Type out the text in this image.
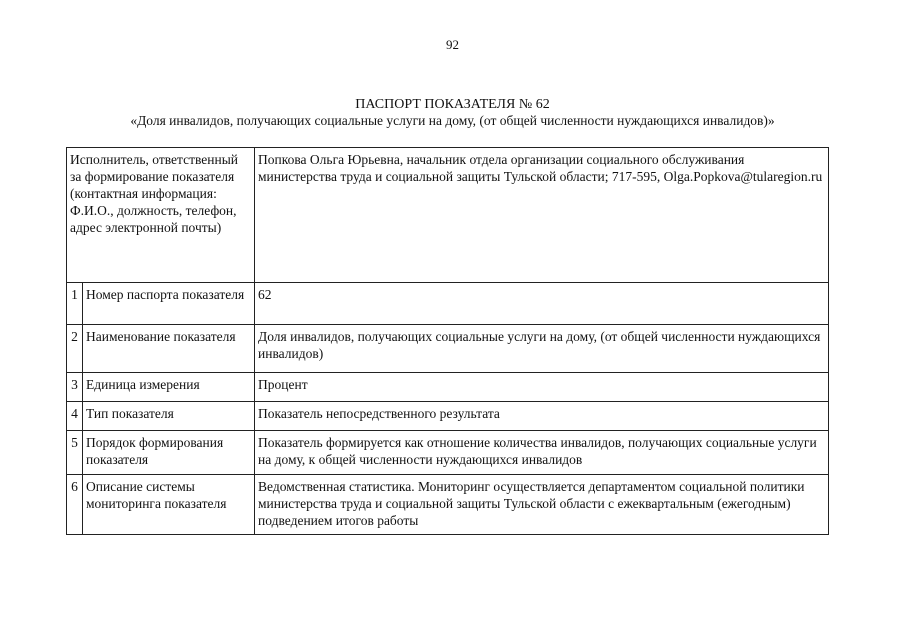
92
ПАСПОРТ ПОКАЗАТЕЛЯ № 62
«Доля инвалидов, получающих социальные услуги на дому, (от общей численности нуждающихся инвалидов)»
Исполнитель, ответственный за формирование показателя (контактная информация: Ф.И.О., должность, телефон, адрес электронной почты)		Попкова Ольга Юрьевна, начальник отдела организации социального обслуживания министерства труда и социальной защиты Тульской области; 717-595, Olga.Popkova@tularegion.ru
1	Номер паспорта показателя	62
2	Наименование показателя	Доля инвалидов, получающих социальные услуги на дому, (от общей численности нуждающихся инвалидов)
3	Единица измерения	Процент
4	Тип показателя	Показатель непосредственного результата
5	Порядок формирования показателя	Показатель формируется как отношение количества инвалидов, получающих социальные услуги на дому, к общей численности нуждающихся инвалидов
6	Описание системы мониторинга показателя	Ведомственная статистика. Мониторинг осуществляется департаментом социальной политики министерства труда и социальной защиты Тульской области с ежеквартальным (ежегодным) подведением итогов работы
